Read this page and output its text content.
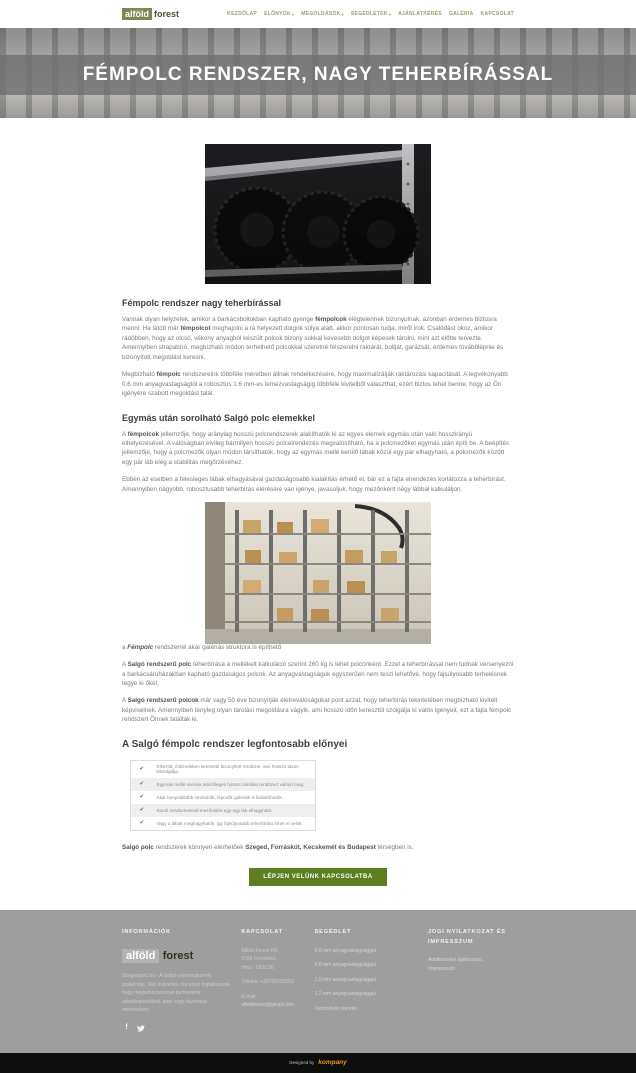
alföld forest	KEZDŐLAP ELŐNYÖK ▾ MEGOLDÁSOK ▾ SEGÉDLETEK ▾ AJÁNLATKÉRÉS GALÉRIA KAPCSOLAT
FÉMPOLC RENDSZER, NAGY TEHERBÍRÁSSAL
Fémpolc rendszer nagy teherbírással

Vannak olyan helyzetek, amikor a barkácsboltokban kapható gyenge fémpolcok elégtelennek bizonyulnak, azonban érdemes biztosra menni. Ha látott már fémpolcot meghajolni a rá helyezett dolgok súlya alatt, akkor pontosan tudja, miről írok. Csalódást okoz, amikor rádöbben, hogy az olcsó, vékony anyagból készült polcok bizony sokkal kevesebb dolgot képesek tárolni, mint azt előtte tervezte. Amennyiben strapabíró, megbízható módon terhelhető polcokkal szeretné felszerelni raktárát, boltját, garázsát, érdemes továbblépnie és bizonyított megoldást keresni.

Megbízható fémpolc rendszereink többféle méretben állnak rendelkezésére, hogy maximalizálják raktározási kapacitását. A legvékonyabb 0.6 mm anyagvastagságtól a robosztus 1.6 mm-es lemezvastagságig többféle kivitelből választhat, ezért biztos lehet benne, hogy az Ön igényére szabott megoldást talál.

Egymás után sorolható Salgó polc elemekkel

A fémpolcok jellemzője, hogy aránylag hosszú polcrendszerek alakíthatók ki az egyes elemek egymás után való hosszirányú elhelyezésével. A valóságban elvileg bármilyen hosszú polcelrendezés megvalósítható, ha a polcmezőket egymás után építi be. A beépítés jellemzője, hogy a polcmezők olyan módon társíthatók, hogy az egymás mellé kerülő lábak közül egy pár elhagyható, a polcmezők között egy pár láb elég a stabilitás megőrzéséhez.

Ebben az esetben a felesleges lábak elhagyásával gazdaságosabb kialakítás érhető el, bár ez a fajta elrendezés korlátozza a teherbírást. Amennyiben nagyobb, robosztusabb teherbírás elérésére van igénye, javasoljuk, hogy mezőnként négy lábbal kalkuláljon.

a Fémpolc rendszerrel akár galériás struktúra is építhető

A Salgó rendszerű polc teherbírása a mellékelt kalkuláció szerint 260 kg is lehet polconként. Ezzel a teherbírással nem tudnak versenyezni a barkácsáruházakban kapható gazdaságos polcok. Az anyagvastagságuk egyszerűen nem teszi lehetővé, hogy fajsúlyosabb terhelésnek tegye ki őket.

A Salgó rendszerű polcok már vagy 50 éve bizonyítják életrevalóságukat pont azzal, hogy teherbírás tekintetében megbízható kivitelt képviselnek. Amennyiben tényleg olyan tárolási megoldásra vágyik, ami hosszú időn keresztül szolgálja ki valós igényeit, ezt a fajta fémpolc rendszert Önnek találták ki.

A Salgó fémpolc rendszer legfontosabb előnyei
✔	Kiforrott, évtizedeken keresztül bizonyított rendszer, ami hosszú távon kiszolgálja.
✔	Egymás mellé sorolva tetszőleges hosszú tárolási rendszert valósít meg.
✔	Akár bonyolultabb struktúrák, lépcsők galériák is kialakíthatók.
✔	Sorolt rendszereknél mezőnként egy-egy láb elhagyható.
✔	Vagy a lábak meghagyhatók, így fajsúlyosabb teherbírást érhet el velük.

Salgó polc rendszerek könnyen elérhetőek Szeged, Forráskút, Kecskemét és Budapest térségben is.

LÉPJEN VELÜNK KAPCSOLATBA
INFORMÁCIÓK
alföld forest
Szegedpolc.hu - A Salgó polcrendszerek szakértője. Már évtizedek óta azzal foglalkozunk, hogy megsokszorozzuk partnereink raktárkapacitását, ipari vagy háztartási méretekben.
f
KAPCSOLAT
Alföld-Forest Kft.
6794 Forráskút,
Hrsz.: 053/130
Telefon: +36706250269
E-mail:
alfoldforest@gmail.com
SEGÉDLET
0.6 mm anyagvastagsággal
0.8 mm anyagvastagsággal
1.0 mm anyagvastagsággal
1.2 mm anyagvastagsággal
Tartozékok méretei.
JOGI NYILATKOZAT ÉS IMPRESSZUM
Adatkezelési tájékoztató,
Impresszum
Designed by kompany
